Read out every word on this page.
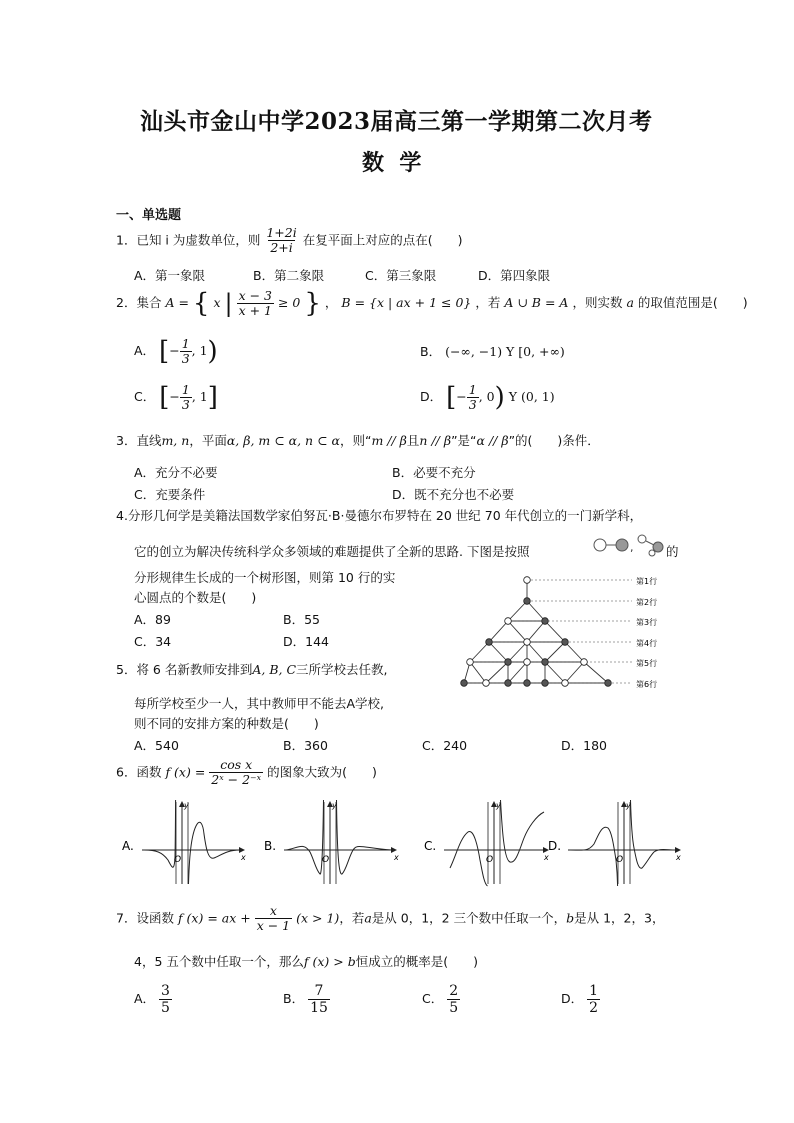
汕头市金山中学2023届高三第一学期第二次月考
数  学
一、单选题
1．已知 i 为虚数单位，则 $\frac{1+2i}{2+i}$ 在复平面上对应的点在(　　)
A．第一象限	B．第二象限	C．第三象限	D．第四象限
2．集合 A = { x | $\frac{x - 3}{x + 1} \ge 0$ } ， B = {x | ax + 1 ≤ 0} ，若 A ∪ B = A ，则实数 a 的取值范围是(　　)
A． [− $\frac{1}{3}$ , 1)	B． (−∞, −1) Y [0, +∞)
C． [− $\frac{1}{3}$ , 1]	D． [− $\frac{1}{3}$ , 0) Y (0, 1)
3．直线m, n，平面α, β, m ⊂ α, n ⊂ α，则“m // β且n // β”是“α // β”的(　　)条件．
A．充分不必要	B．必要不充分
C．充要条件	D．既不充分也不必要
4.分形几何学是美籍法国数学家伯努瓦·B·曼德尔布罗特在 20 世纪 70 年代创立的一门新学科，
它的创立为解决传统科学众多领域的难题提供了全新的思路. 下图是按照	,	的
分形规律生长成的一个树形图，则第 10 行的实
心圆点的个数是(　　)
A．89	B．55
C．34	D．144
第1行
第2行
第3行
第4行
第5行
第6行
5．将 6 名新教师安排到A, B, C三所学校去任教,
每所学校至少一人，其中教师甲不能去A学校,
则不同的安排方案的种数是(　　)
A．540	B．360	C．240	D．180
6．函数 f $(x) = \frac{\text{cos x}}{\text{2ˣ − 2⁻ˣ}}$ 的图象大致为(　　)
A.
x
y
O
B.
x
y
O
C.
x
y
O
D.
x
y
O
7．设函数 f (x) = ax + $\frac{x}{x - 1} (x > 1)$，若a是从 0，1，2 三个数中任取一个，b是从 1，2，3，
4，5 五个数中任取一个，那么f (x) > b恒成立的概率是(　　)
A． $\frac{3}{5}$	B． $\frac{7}{15}$	C． $\frac{2}{5}$	D． $\frac{1}{2}$
